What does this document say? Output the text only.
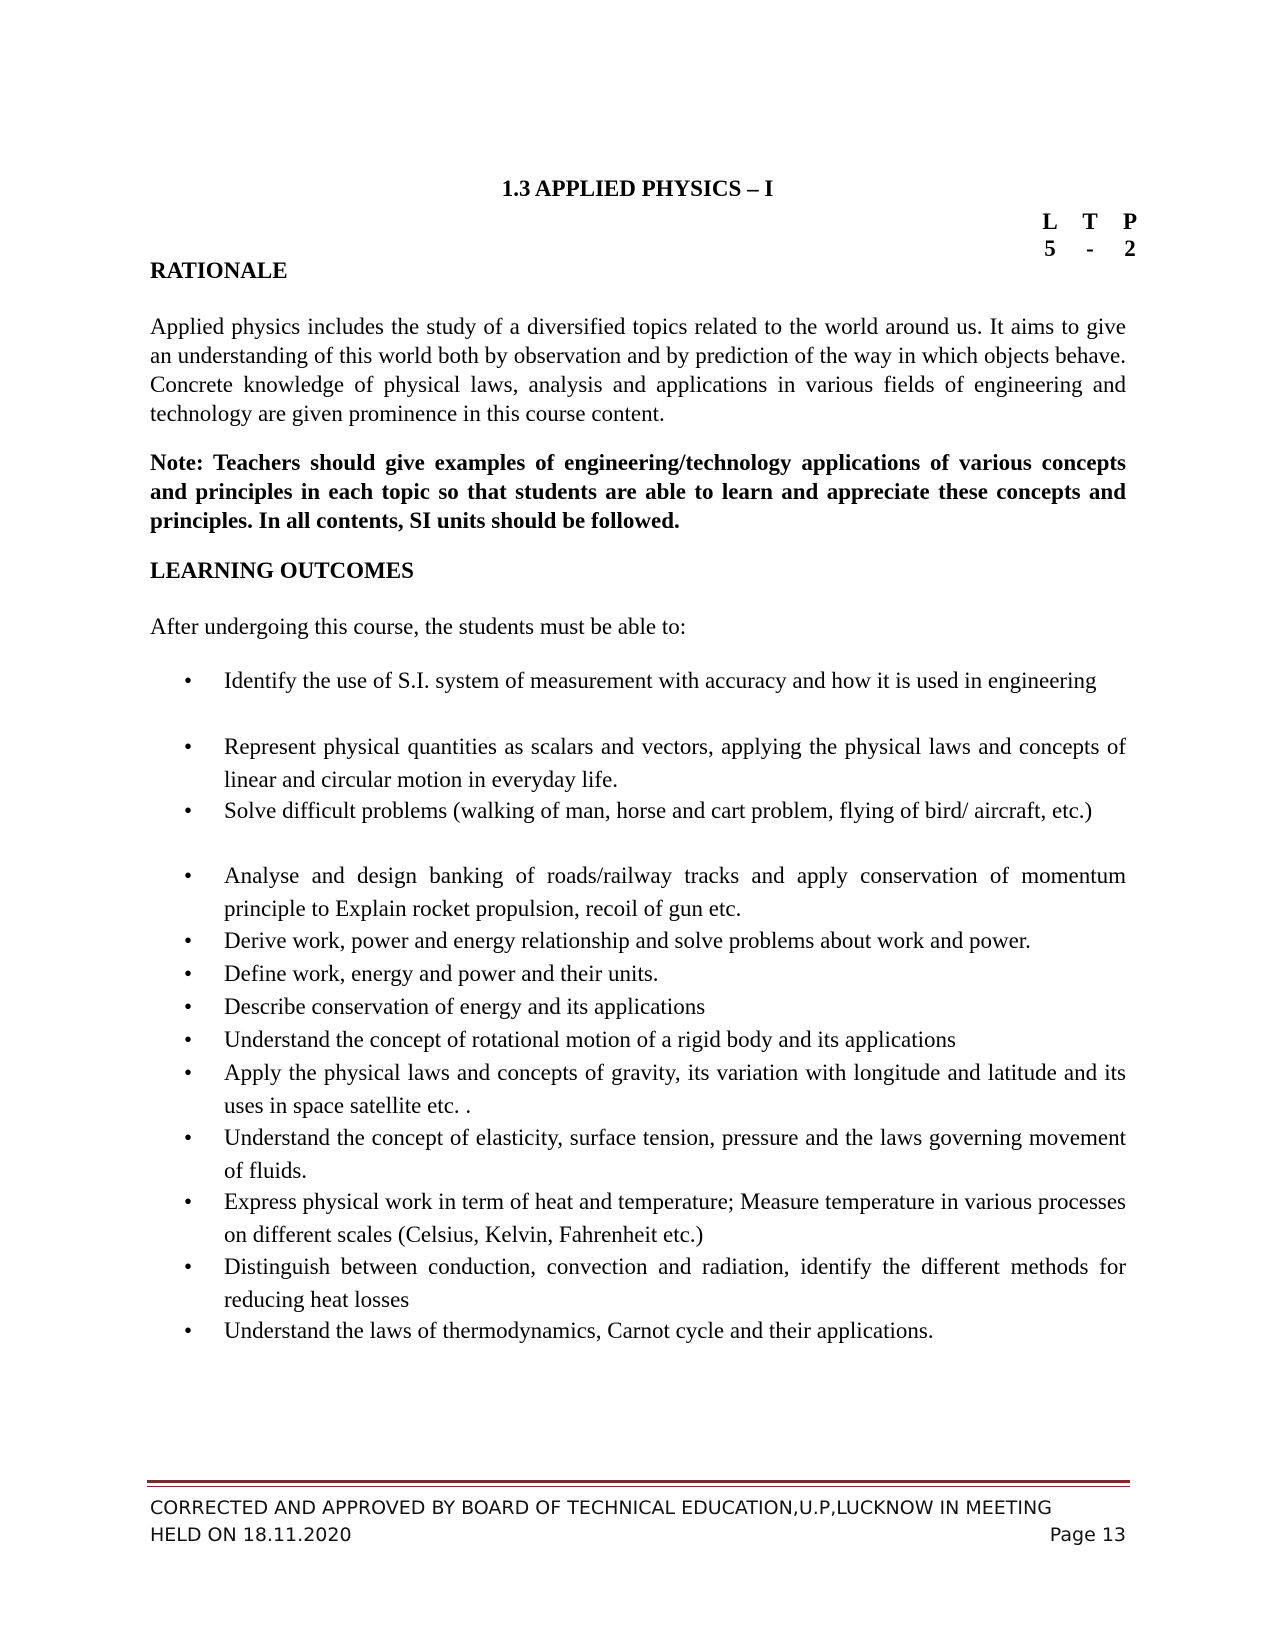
1.3 APPLIED PHYSICS – I
L	T	P
5	-	2
RATIONALE
Applied physics includes the study of a diversified topics related to the world around us. It aims to give an understanding of this world both by observation and by prediction of the way in which objects behave. Concrete knowledge of physical laws, analysis and applications in various fields of engineering and technology are given prominence in this course content.
Note: Teachers should give examples of engineering/technology applications of various concepts and principles in each topic so that students are able to learn and appreciate these concepts and principles. In all contents, SI units should be followed.
LEARNING OUTCOMES
After undergoing this course, the students must be able to:
• Identify the use of S.I. system of measurement with accuracy and how it is used in engineering
• Represent physical quantities as scalars and vectors, applying the physical laws and concepts of linear and circular motion in everyday life.
• Solve difficult problems (walking of man, horse and cart problem, flying of bird/ aircraft, etc.)
• Analyse and design banking of roads/railway tracks and apply conservation of momentum principle to Explain rocket propulsion, recoil of gun etc.
• Derive work, power and energy relationship and solve problems about work and power.
• Define work, energy and power and their units.
• Describe conservation of energy and its applications
• Understand the concept of rotational motion of a rigid body and its applications
• Apply the physical laws and concepts of gravity, its variation with longitude and latitude and its uses in space satellite etc. .
• Understand the concept of elasticity, surface tension, pressure and the laws governing movement of fluids.
• Express physical work in term of heat and temperature; Measure temperature in various processes on different scales (Celsius, Kelvin, Fahrenheit etc.)
• Distinguish between conduction, convection and radiation, identify the different methods for reducing heat losses
• Understand the laws of thermodynamics, Carnot cycle and their applications.
CORRECTED AND APPROVED BY BOARD OF TECHNICAL EDUCATION,U.P,LUCKNOW IN MEETING
HELD ON 18.11.2020	Page 13
